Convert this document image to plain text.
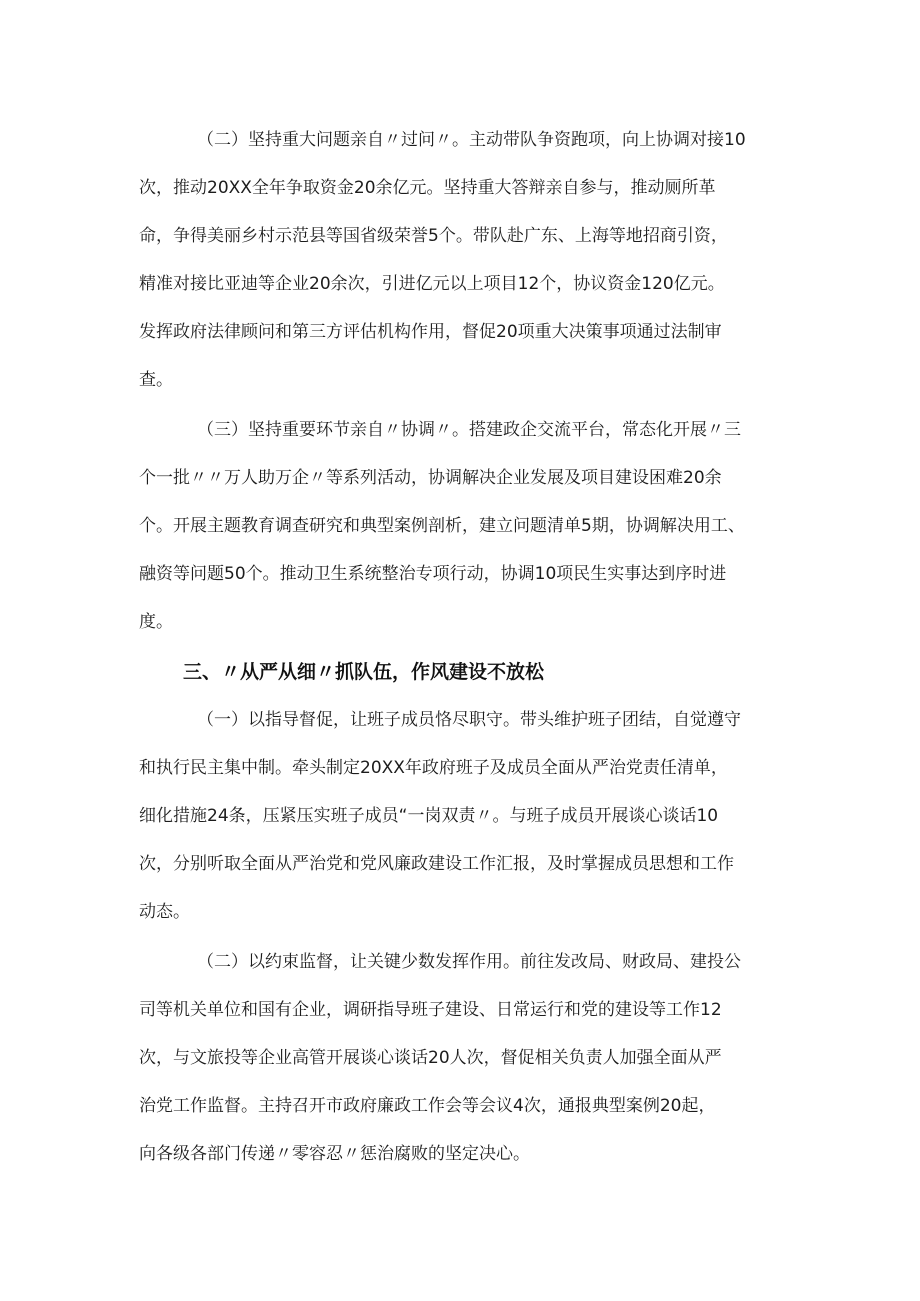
（二）坚持重大问题亲自〃过问〃。主动带队争资跑项，向上协调对接10
次，推动20XX全年争取资金20余亿元。坚持重大答辩亲自参与，推动厕所革
命，争得美丽乡村示范县等国省级荣誉5个。带队赴广东、上海等地招商引资，
精准对接比亚迪等企业20余次，引进亿元以上项目12个，协议资金120亿元。
发挥政府法律顾问和第三方评估机构作用，督促20项重大决策事项通过法制审
查。
（三）坚持重要环节亲自〃协调〃。搭建政企交流平台，常态化开展〃三
个一批〃〃万人助万企〃等系列活动，协调解决企业发展及项目建设困难20余
个。开展主题教育调查研究和典型案例剖析，建立问题清单5期，协调解决用工、
融资等问题50个。推动卫生系统整治专项行动，协调10项民生实事达到序时进
度。
三、〃从严从细〃抓队伍，作风建设不放松
（一）以指导督促，让班子成员恪尽职守。带头维护班子团结，自觉遵守
和执行民主集中制。牵头制定20XX年政府班子及成员全面从严治党责任清单，
细化措施24条，压紧压实班子成员“一岗双责〃。与班子成员开展谈心谈话10
次，分别听取全面从严治党和党风廉政建设工作汇报，及时掌握成员思想和工作
动态。
（二）以约束监督，让关键少数发挥作用。前往发改局、财政局、建投公
司等机关单位和国有企业，调研指导班子建设、日常运行和党的建设等工作12
次，与文旅投等企业高管开展谈心谈话20人次，督促相关负责人加强全面从严
治党工作监督。主持召开市政府廉政工作会等会议4次，通报典型案例20起，
向各级各部门传递〃零容忍〃惩治腐败的坚定决心。
